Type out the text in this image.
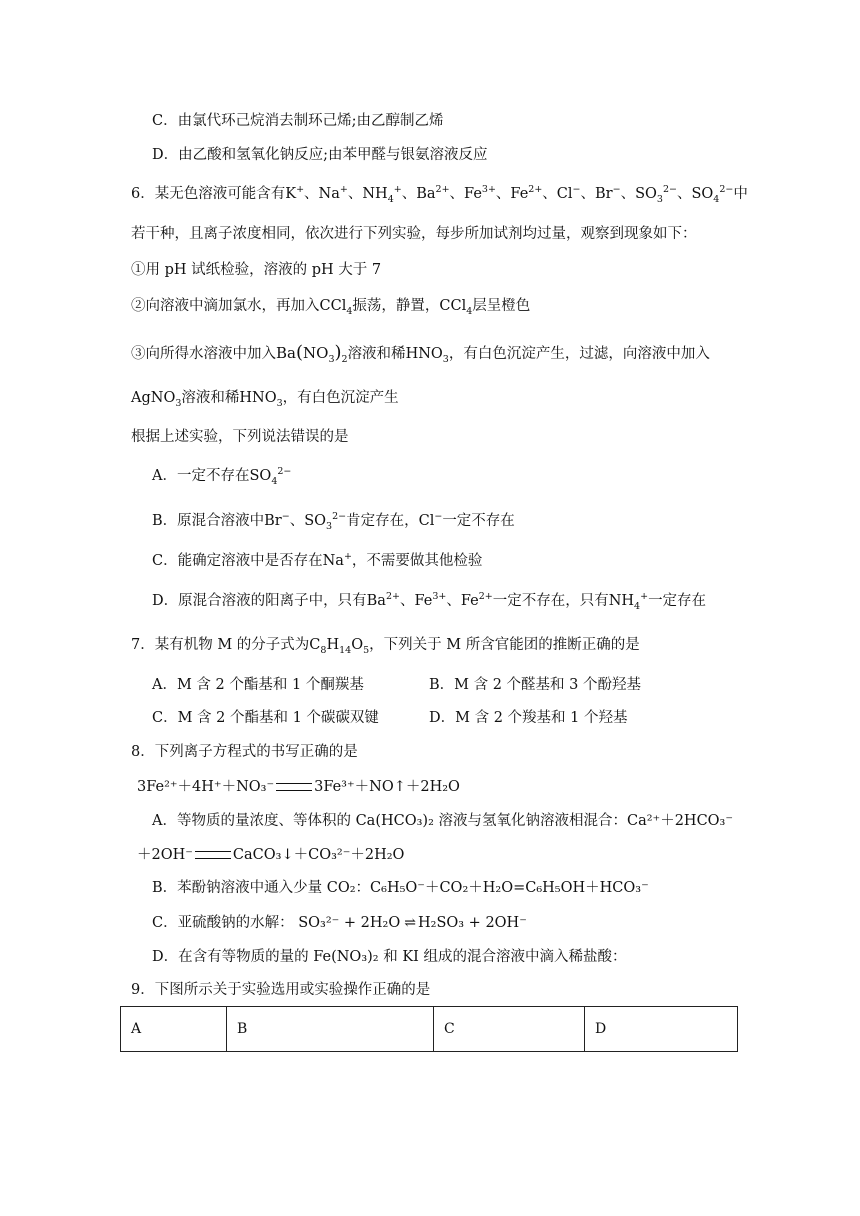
C．由氯代环己烷消去制环己烯;由乙醇制乙烯
D．由乙酸和氢氧化钠反应;由苯甲醛与银氨溶液反应
6．某无色溶液可能含有K+、Na+、$NH_4^+$、$Ba^{2+}$、$Fe^{3+}$、$Fe^{2+}$、Cl−、Br−、$SO_3^{2-}$、$SO_4^{2-}$中
若干种，且离子浓度相同，依次进行下列实验，每步所加试剂均过量，观察到现象如下：
①用 pH 试纸检验，溶液的 pH 大于 7
②向溶液中滴加氯水，再加入CCl$_4$振荡，静置，CCl$_4$层呈橙色
③向所得水溶液中加入$Ba(NO_3)_2$溶液和稀$HNO_3$，有白色沉淀产生，过滤，向溶液中加入
AgNO$_3$溶液和稀$HNO_3$，有白色沉淀产生
根据上述实验，下列说法错误的是
A．一定不存在$SO_4^{2-}$
B．原混合溶液中Br−、$SO_3^{2-}$肯定存在，Cl−一定不存在
C．能确定溶液中是否存在Na+，不需要做其他检验
D．原混合溶液的阳离子中，只有$Ba^{2+}$、$Fe^{3+}$、$Fe^{2+}$一定不存在，只有$NH_4^+$一定存在
7．某有机物 M 的分子式为$C_8H_{14}O_5$，下列关于 M 所含官能团的推断正确的是
A．M 含 2 个酯基和 1 个酮羰基	B．M 含 2 个醛基和 3 个酚羟基
C．M 含 2 个酯基和 1 个碳碳双键	D．M 含 2 个羧基和 1 个羟基
8．下列离子方程式的书写正确的是
3Fe²⁺＋4H⁺＋NO₃⁻	3Fe³⁺＋NO↑＋2H₂O
A．等物质的量浓度、等体积的 Ca(HCO₃)₂ 溶液与氢氧化钠溶液相混合：Ca²⁺＋2HCO₃⁻
＋2OH⁻	CaCO₃↓＋CO₃²⁻＋2H₂O
B．苯酚钠溶液中通入少量 CO₂：C₆H₅O⁻＋CO₂＋H₂O=C₆H₅OH＋HCO₃⁻
C．亚硫酸钠的水解： SO₃²⁻ + 2H₂O ⇌ H₂SO₃ + 2OH⁻
D．在含有等物质的量的 Fe(NO₃)₂ 和 KI 组成的混合溶液中滴入稀盐酸：
9．下图所示关于实验选用或实验操作正确的是
A	B	C	D
